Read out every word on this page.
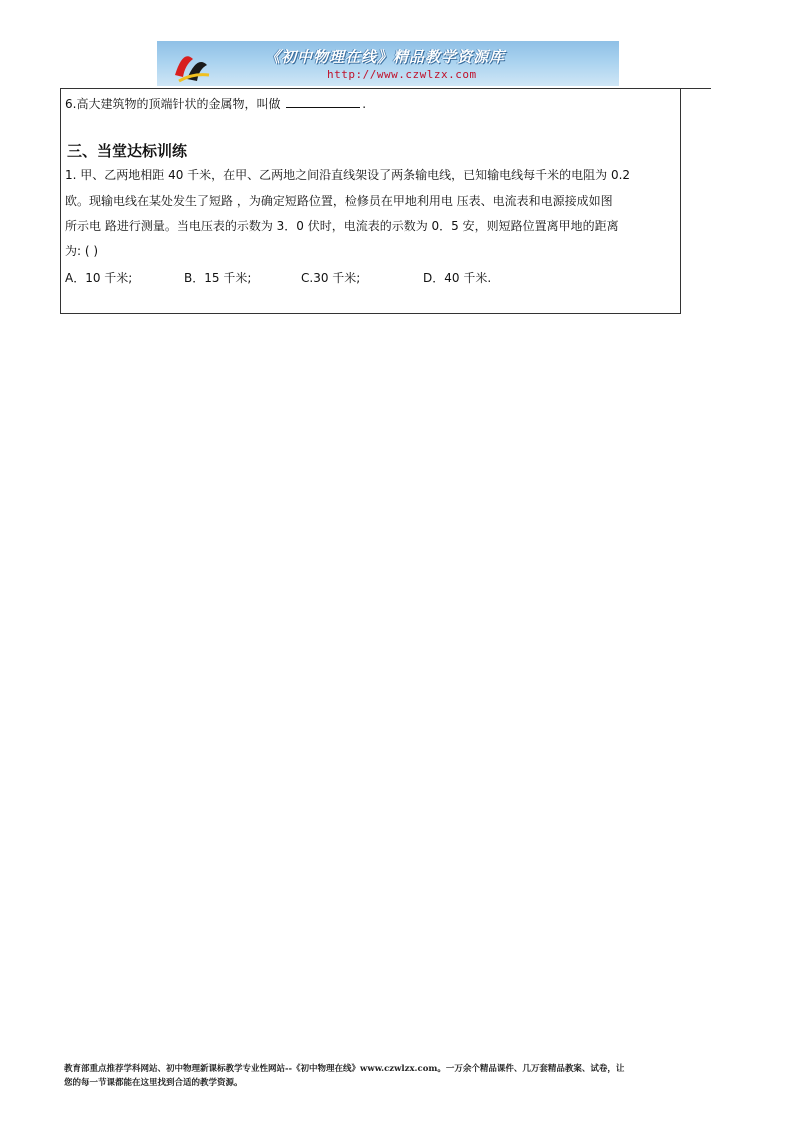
《初中物理在线》精品教学资源库
http://www.czwlzx.com
6.高大建筑物的顶端针状的金属物，叫做	.
三、当堂达标训练
1. 甲、乙两地相距 40 千米，在甲、乙两地之间沿直线架设了两条输电线，已知输电线每千米的电阻为 0.2
欧。现输电线在某处发生了短路 ，为确定短路位置，检修员在甲地利用电 压表、电流表和电源接成如图
所示电 路进行测量。当电压表的示数为 3．0 伏时，电流表的示数为 0．5 安，则短路位置离甲地的距离
为: ( )
A．10 千米;	B．15 千米;	C.30 千米;	D．40 千米.
教育部重点推荐学科网站、初中物理新课标教学专业性网站--《初中物理在线》www.czwlzx.com。一万余个精品课件、几万套精品教案、试卷，让
您的每一节课都能在这里找到合适的教学资源。
